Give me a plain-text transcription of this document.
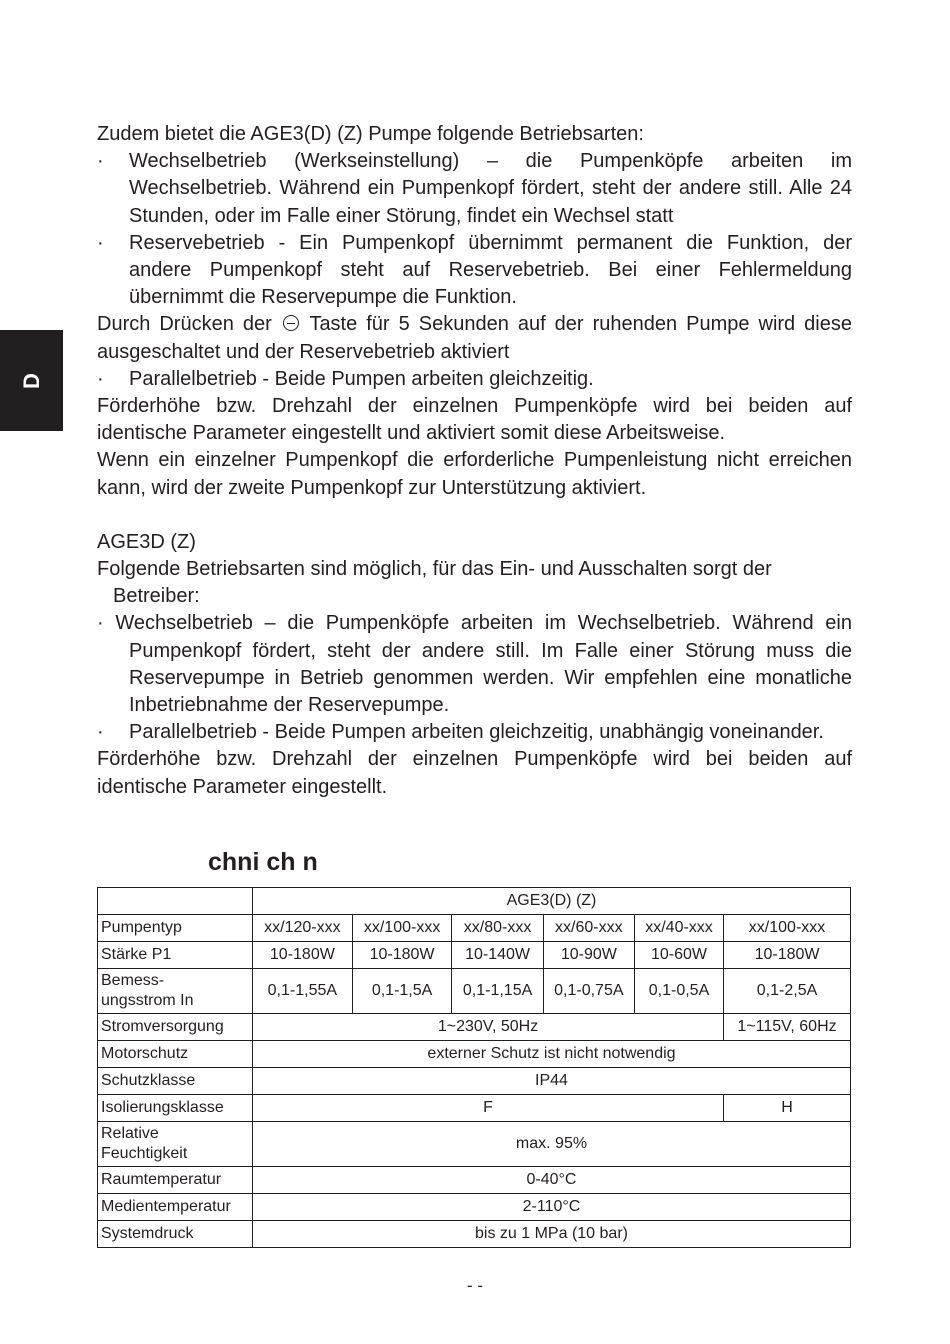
D
Zudem bietet die AGE3(D) (Z) Pumpe folgende Betriebsarten:
· Wechselbetrieb (Werkseinstellung) – die Pumpenköpfe arbeiten im Wechselbetrieb. Während ein Pumpenkopf fördert, steht der andere still. Alle 24 Stunden, oder im Falle einer Störung, findet ein Wechsel statt
· Reservebetrieb - Ein Pumpenkopf übernimmt permanent die Funktion, der andere Pumpenkopf steht auf Reservebetrieb. Bei einer Fehlermeldung übernimmt die Reservepumpe die Funktion.
Durch Drücken der Taste für 5 Sekunden auf der ruhenden Pumpe wird diese ausgeschaltet und der Reservebetrieb aktiviert
· Parallelbetrieb - Beide Pumpen arbeiten gleichzeitig.
Förderhöhe bzw. Drehzahl der einzelnen Pumpenköpfe wird bei beiden auf identische Parameter eingestellt und aktiviert somit diese Arbeitsweise.
Wenn ein einzelner Pumpenkopf die erforderliche Pumpenleistung nicht erreichen kann, wird der zweite Pumpenkopf zur Unterstützung aktiviert.
AGE3D (Z)
Folgende Betriebsarten sind möglich, für das Ein- und Ausschalten sorgt der
Betreiber:
· Wechselbetrieb – die Pumpenköpfe arbeiten im Wechselbetrieb. Während ein Pumpenkopf fördert, steht der andere still. Im Falle einer Störung muss die Reservepumpe in Betrieb genommen werden. Wir empfehlen eine monatliche Inbetriebnahme der Reservepumpe.
· Parallelbetrieb - Beide Pumpen arbeiten gleichzeitig, unabhängig voneinander.
Förderhöhe bzw. Drehzahl der einzelnen Pumpenköpfe wird bei beiden auf identische Parameter eingestellt.
chni ch n
	AGE3(D) (Z)					
Pumpentyp	xx/120-xxx	xx/100-xxx	xx/80-xxx	xx/60-xxx	xx/40-xxx	xx/100-xxx
Stärke P1	10-180W	10-180W	10-140W	10-90W	10-60W	10-180W

Bemess-
ungsstrom In	0,1-1,55A	0,1-1,5A	0,1-1,15A	0,1-0,75A	0,1-0,5A	0,1-2,5A
Stromversorgung	1~230V, 50Hz					1~115V, 60Hz
Motorschutz	externer Schutz ist nicht notwendig					
Schutzklasse	IP44					
Isolierungsklasse	F					H

Relative
Feuchtigkeit	max. 95%					
Raumtemperatur	0-40°C					
Medientemperatur	2-110°C					
Systemdruck	bis zu 1 MPa (10 bar)					
- -
